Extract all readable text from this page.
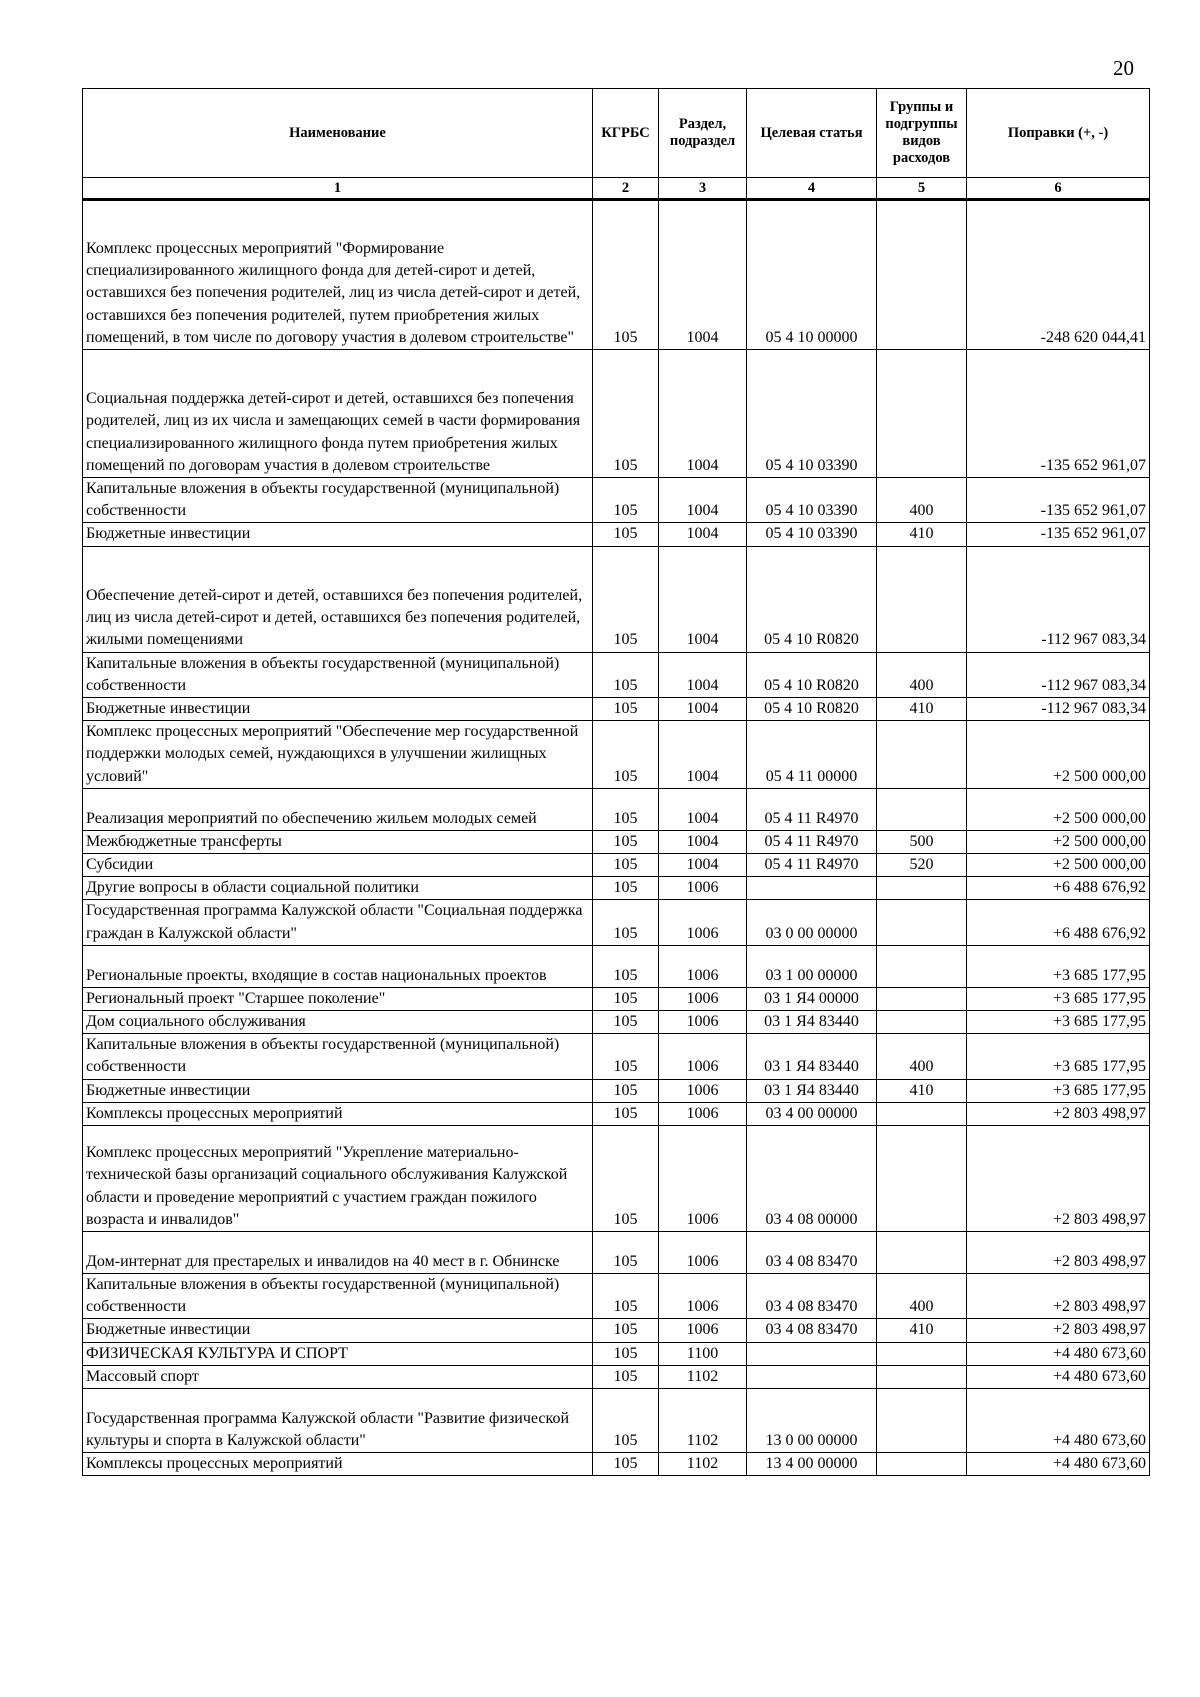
20
Наименование	КГРБС	Раздел, подраздел	Целевая статья	Группы и подгруппы видов расходов	Поправки (+, -)
1	2	3	4	5	6
Комплекс процессных мероприятий "Формирование специализированного жилищного фонда для детей-сирот и детей, оставшихся без попечения родителей, лиц из числа детей-сирот и детей, оставшихся без попечения родителей, путем приобретения жилых помещений, в том числе по договору участия в долевом строительстве"	105	1004	05 4 10 00000		-248 620 044,41
Социальная поддержка детей-сирот и детей, оставшихся без попечения родителей, лиц из их числа и замещающих семей в части формирования специализированного жилищного фонда путем приобретения жилых помещений по договорам участия в долевом строительстве	105	1004	05 4 10 03390		-135 652 961,07
Капитальные вложения в объекты государственной (муниципальной) собственности	105	1004	05 4 10 03390	400	-135 652 961,07
Бюджетные инвестиции	105	1004	05 4 10 03390	410	-135 652 961,07
Обеспечение детей-сирот и детей, оставшихся без попечения родителей, лиц из числа детей-сирот и детей, оставшихся без попечения родителей, жилыми помещениями	105	1004	05 4 10 R0820		-112 967 083,34
Капитальные вложения в объекты государственной (муниципальной) собственности	105	1004	05 4 10 R0820	400	-112 967 083,34
Бюджетные инвестиции	105	1004	05 4 10 R0820	410	-112 967 083,34
Комплекс процессных мероприятий "Обеспечение мер государственной поддержки молодых семей, нуждающихся в улучшении жилищных условий"	105	1004	05 4 11 00000		+2 500 000,00
Реализация мероприятий по обеспечению жильем молодых семей	105	1004	05 4 11 R4970		+2 500 000,00
Межбюджетные трансферты	105	1004	05 4 11 R4970	500	+2 500 000,00
Субсидии	105	1004	05 4 11 R4970	520	+2 500 000,00
Другие вопросы в области социальной политики	105	1006			+6 488 676,92
Государственная программа Калужской области "Социальная поддержка граждан в Калужской области"	105	1006	03 0 00 00000		+6 488 676,92
Региональные проекты, входящие в состав национальных проектов	105	1006	03 1 00 00000		+3 685 177,95
Региональный проект "Старшее поколение"	105	1006	03 1 Я4 00000		+3 685 177,95
Дом социального обслуживания	105	1006	03 1 Я4 83440		+3 685 177,95
Капитальные вложения в объекты государственной (муниципальной) собственности	105	1006	03 1 Я4 83440	400	+3 685 177,95
Бюджетные инвестиции	105	1006	03 1 Я4 83440	410	+3 685 177,95
Комплексы процессных мероприятий	105	1006	03 4 00 00000		+2 803 498,97
Комплекс процессных мероприятий "Укрепление материально-технической базы организаций социального обслуживания Калужской области и проведение мероприятий с участием граждан пожилого возраста и инвалидов"	105	1006	03 4 08 00000		+2 803 498,97
Дом-интернат для престарелых и инвалидов на 40 мест в г. Обнинске	105	1006	03 4 08 83470		+2 803 498,97
Капитальные вложения в объекты государственной (муниципальной) собственности	105	1006	03 4 08 83470	400	+2 803 498,97
Бюджетные инвестиции	105	1006	03 4 08 83470	410	+2 803 498,97
ФИЗИЧЕСКАЯ КУЛЬТУРА И СПОРТ	105	1100			+4 480 673,60
Массовый спорт	105	1102			+4 480 673,60
Государственная программа Калужской области "Развитие физической культуры и спорта в Калужской области"	105	1102	13 0 00 00000		+4 480 673,60
Комплексы процессных мероприятий	105	1102	13 4 00 00000		+4 480 673,60
